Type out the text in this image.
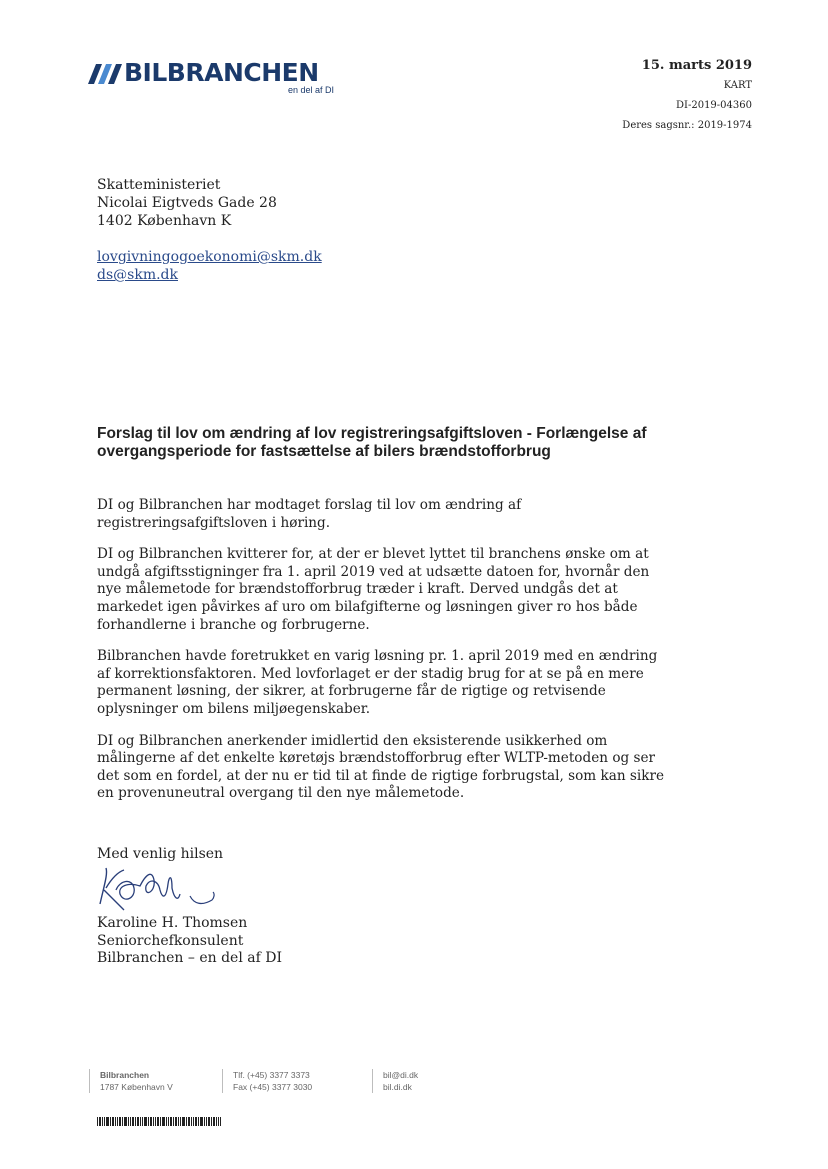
BILBRANCHEN
en del af DI
15. marts 2019
KART
DI-2019-04360
Deres sagsnr.: 2019-1974
Skatteministeriet
Nicolai Eigtveds Gade 28
1402 København K
lovgivningogoekonomi@skm.dk
ds@skm.dk
Forslag til lov om ændring af lov registreringsafgiftsloven - Forlængelse af overgangsperiode for fastsættelse af bilers brændstofforbrug

DI og Bilbranchen har modtaget forslag til lov om ændring af registreringsafgiftsloven i høring.

DI og Bilbranchen kvitterer for, at der er blevet lyttet til branchens ønske om at undgå afgiftsstigninger fra 1. april 2019 ved at udsætte datoen for, hvornår den nye målemetode for brændstofforbrug træder i kraft. Derved undgås det at markedet igen påvirkes af uro om bilafgifterne og løsningen giver ro hos både forhandlerne i branche og forbrugerne.

Bilbranchen havde foretrukket en varig løsning pr. 1. april 2019 med en ændring af korrektionsfaktoren. Med lovforlaget er der stadig brug for at se på en mere permanent løsning, der sikrer, at forbrugerne får de rigtige og retvisende oplysninger om bilens miljøegenskaber.

DI og Bilbranchen anerkender imidlertid den eksisterende usikkerhed om målingerne af det enkelte køretøjs brændstofforbrug efter WLTP-metoden og ser det som en fordel, at der nu er tid til at finde de rigtige forbrugstal, som kan sikre en provenuneutral overgang til den nye målemetode.

Med venlig hilsen
Karoline H. Thomsen
Seniorchefkonsulent
Bilbranchen – en del af DI
Bilbranchen
1787 København V
Tlf. (+45) 3377 3373
Fax (+45) 3377 3030
bil@di.dk
bil.di.dk
